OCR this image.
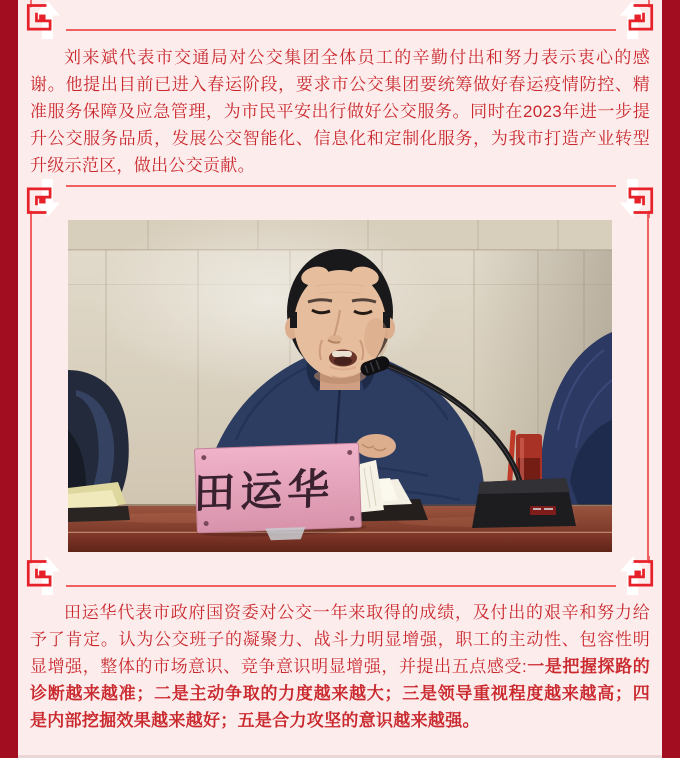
刘来斌代表市交通局对公交集团全体员工的辛勤付出和努力表示衷心的感谢。他提出目前已进入春运阶段，要求市公交集团要统筹做好春运疫情防控、精准服务保障及应急管理，为市民平安出行做好公交服务。同时在2023年进一步提升公交服务品质，发展公交智能化、信息化和定制化服务，为我市打造产业转型升级示范区，做出公交贡献。

田运华

田运华代表市政府国资委对公交一年来取得的成绩，及付出的艰辛和努力给予了肯定。认为公交班子的凝聚力、战斗力明显增强，职工的主动性、包容性明显增强，整体的市场意识、竞争意识明显增强，并提出五点感受:一是把握探路的诊断越来越准；二是主动争取的力度越来越大；三是领导重视程度越来越高；四是内部挖掘效果越来越好；五是合力攻坚的意识越来越强。
